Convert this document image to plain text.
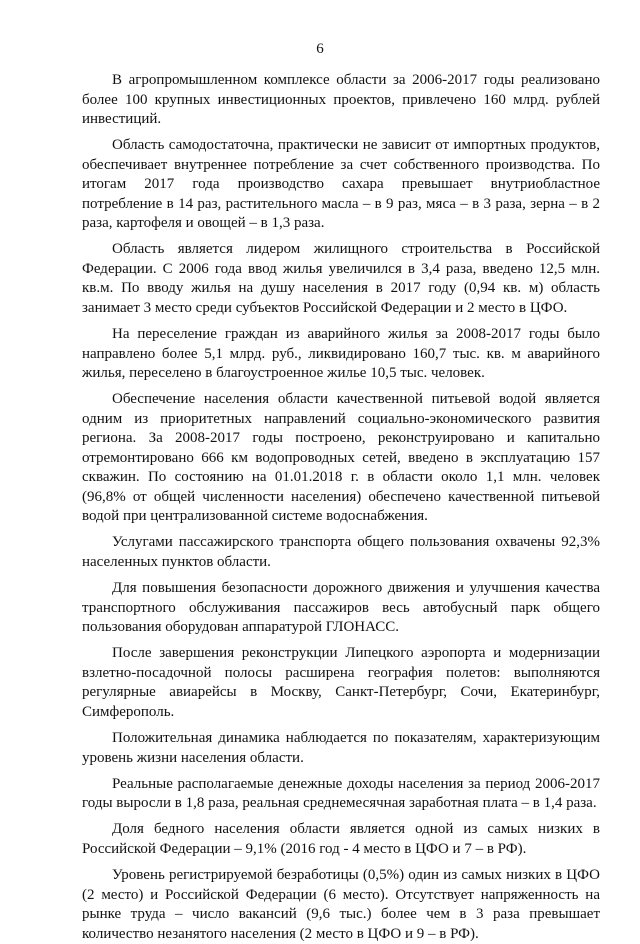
6
В агропромышленном комплексе области за 2006-2017 годы реализовано
более 100 крупных инвестиционных проектов, привлечено 160 млрд. рублей
инвестиций.
Область самодостаточна, практически не зависит от импортных продуктов,
обеспечивает внутреннее потребление за счет собственного производства. По
итогам 2017 года производство сахара превышает внутриобластное
потребление в 14 раз, растительного масла – в 9 раз, мяса – в 3 раза, зерна – в 2
раза, картофеля и овощей – в 1,3 раза.
Область является лидером жилищного строительства в Российской
Федерации. С 2006 года ввод жилья увеличился в 3,4 раза, введено 12,5 млн.
кв.м. По вводу жилья на душу населения в 2017 году (0,94 кв. м) область
занимает 3 место среди субъектов Российской Федерации и 2 место в ЦФО.
На переселение граждан из аварийного жилья за 2008-2017 годы было
направлено более 5,1 млрд. руб., ликвидировано 160,7 тыс. кв. м аварийного
жилья, переселено в благоустроенное жилье 10,5 тыс. человек.
Обеспечение населения области качественной питьевой водой является
одним из приоритетных направлений социально-экономического развития
региона. За 2008-2017 годы построено, реконструировано и капитально
отремонтировано 666 км водопроводных сетей, введено в эксплуатацию 157
скважин. По состоянию на 01.01.2018 г. в области около 1,1 млн. человек
(96,8% от общей численности населения) обеспечено качественной питьевой
водой при централизованной системе водоснабжения.
Услугами пассажирского транспорта общего пользования охвачены 92,3%
населенных пунктов области.
Для повышения безопасности дорожного движения и улучшения качества
транспортного обслуживания пассажиров весь автобусный парк общего
пользования оборудован аппаратурой ГЛОНАСС.
После завершения реконструкции Липецкого аэропорта и модернизации
взлетно-посадочной полосы расширена география полетов: выполняются
регулярные авиарейсы в Москву, Санкт-Петербург, Сочи, Екатеринбург,
Симферополь.
Положительная динамика наблюдается по показателям, характеризующим
уровень жизни населения области.
Реальные располагаемые денежные доходы населения за период 2006-2017
годы выросли в 1,8 раза, реальная среднемесячная заработная плата – в 1,4 раза.
Доля бедного населения области является одной из самых низких в
Российской Федерации – 9,1% (2016 год - 4 место в ЦФО и 7 – в РФ).
Уровень регистрируемой безработицы (0,5%) один из самых низких в ЦФО
(2 место) и Российской Федерации (6 место). Отсутствует напряженность на
рынке труда – число вакансий (9,6 тыс.) более чем в 3 раза превышает
количество незанятого населения (2 место в ЦФО и 9 – в РФ).
